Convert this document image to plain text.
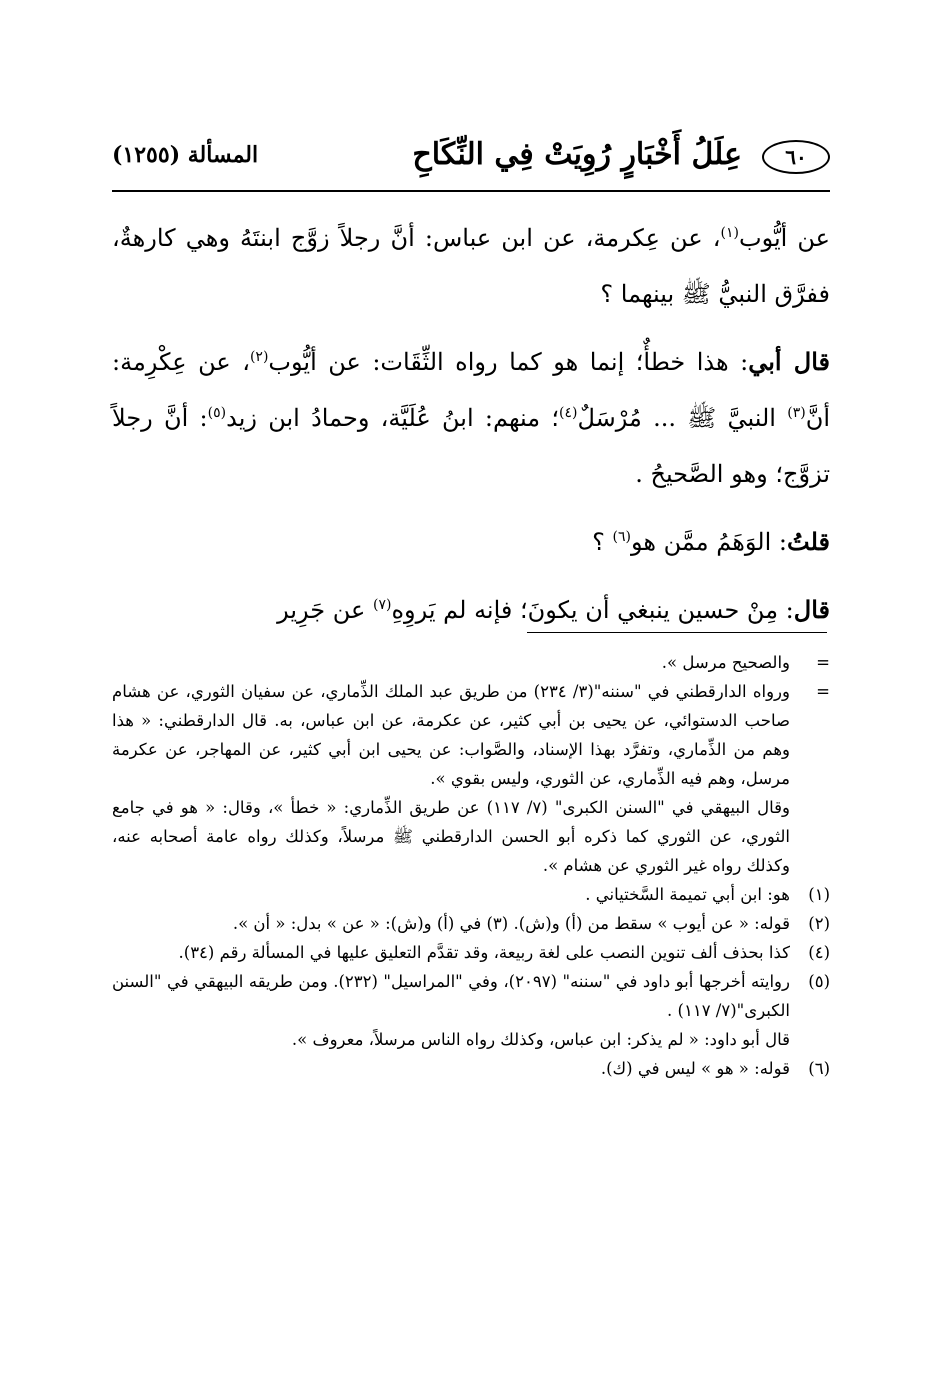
٦٠
عِلَلُ أَخْبَارٍ رُوِيَتْ فِي النِّكَاحِ
المسألة (١٢٥٥)

عن أيُّوب$^{(١)}$، عن عِكرمة، عن ابن عباس: أنَّ رجلاً زوَّج ابنتَهُ وهي كارهةٌ، ففرَّق النبيُّ ﷺ بينهما ؟

قال أبي: هذا خطأٌ؛ إنما هو كما رواه الثِّقَات: عن أيُّوب$^{(٢)}$، عن عِكْرِمة: أنَّ$^{(٣)}$ النبيَّ ﷺ ... مُرْسَلٌ$^{(٤)}$؛ منهم: ابنُ عُلَيَّة، وحمادُ ابن زيد$^{(٥)}$: أنَّ رجلاً تزوَّج؛ وهو الصَّحيحُ .

قلتُ: الوَهَمُ ممَّن هو$^{(٦)}$ ؟

قال: مِنْ حسين ينبغي أن يكونَ؛ فإنه لم يَروِهِ$^{(٧)}$ عن جَرِير

=
والصحيح مرسل ».
=
ورواه الدارقطني في "سننه"(٣/ ٢٣٤) من طريق عبد الملك الذِّماري، عن سفيان الثوري، عن هشام صاحب الدستوائي، عن يحيى بن أبي كثير، عن عكرمة، عن ابن عباس، به. قال الدارقطني: « هذا وهم من الذِّماري، وتفرَّد بهذا الإسناد، والصَّواب: عن يحيى ابن أبي كثير، عن المهاجر، عن عكرمة مرسل، وهم فيه الذِّماري، عن الثوري، وليس بقوي ».
وقال البيهقي في "السنن الكبرى" (٧/ ١١٧) عن طريق الذِّماري: « خطأ »، وقال: « هو في جامع الثوري، عن الثوري كما ذكره أبو الحسن الدارقطني ﷺ مرسلاً، وكذلك رواه عامة أصحابه عنه، وكذلك رواه غير الثوري عن هشام ».
(١)
هو: ابن أبي تميمة السَّختياني .
(٢)
قوله: « عن أيوب » سقط من (أ) و(ش). (٣) في (أ) و(ش): « عن » بدل: « أن ».
(٤)
كذا بحذف ألف تنوين النصب على لغة ربيعة، وقد تقدَّم التعليق عليها في المسألة رقم (٣٤).
(٥)
روايته أخرجها أبو داود في "سننه" (٢٠٩٧)، وفي "المراسيل" (٢٣٢). ومن طريقه البيهقي في "السنن الكبرى"(٧/ ١١٧) .
قال أبو داود: « لم يذكر: ابن عباس، وكذلك رواه الناس مرسلاً، معروف ».
(٦)
قوله: « هو » ليس في (ك).
